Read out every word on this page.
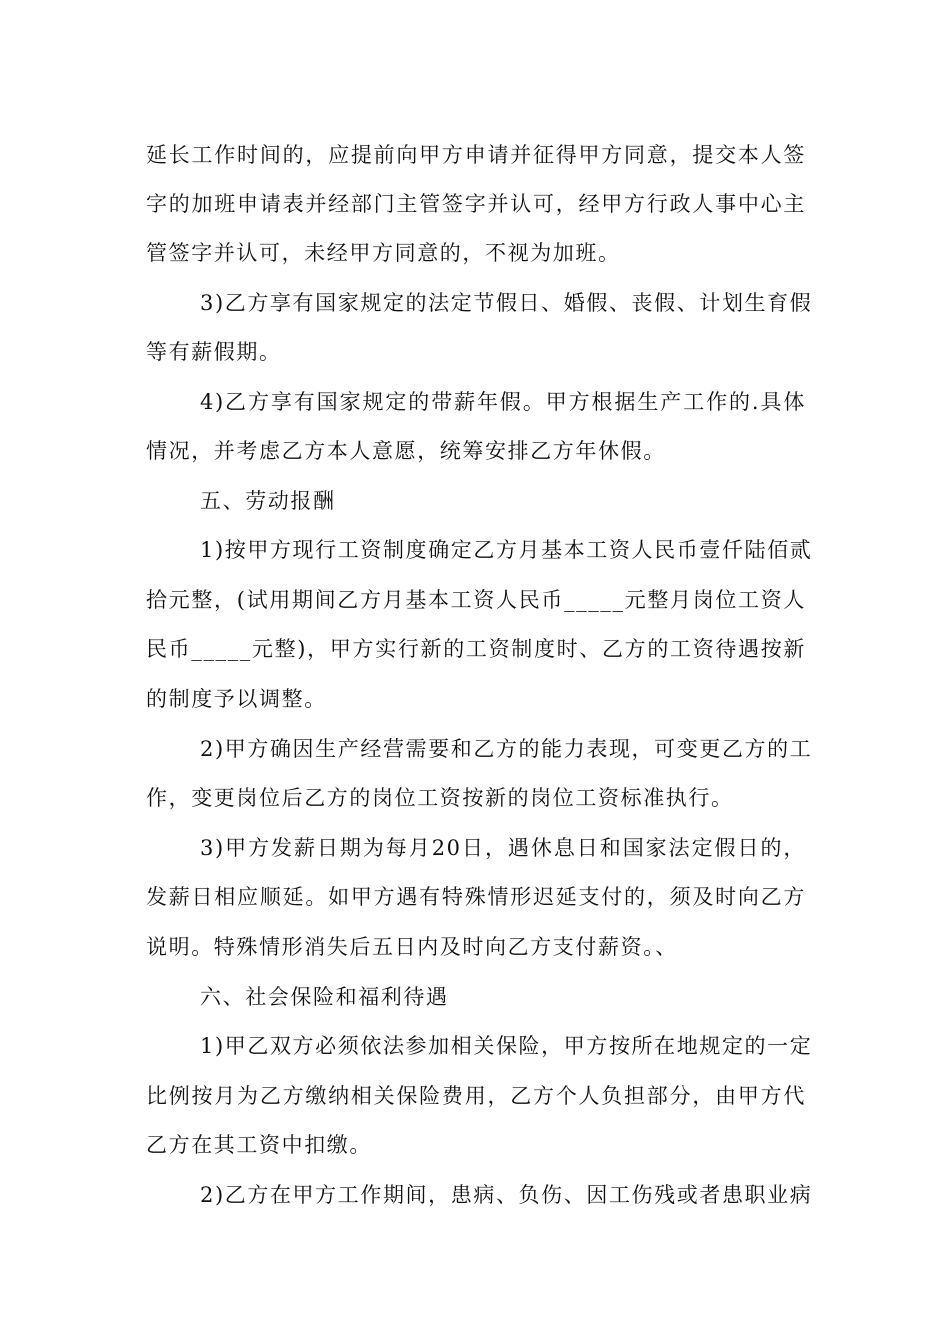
延长工作时间的，应提前向甲方申请并征得甲方同意，提交本人签
字的加班申请表并经部门主管签字并认可，经甲方行政人事中心主
管签字并认可，未经甲方同意的，不视为加班。
3)乙方享有国家规定的法定节假日、婚假、丧假、计划生育假
等有薪假期。
4)乙方享有国家规定的带薪年假。甲方根据生产工作的.具体
情况，并考虑乙方本人意愿，统筹安排乙方年休假。
五、劳动报酬
1)按甲方现行工资制度确定乙方月基本工资人民币壹仟陆佰贰
拾元整，(试用期间乙方月基本工资人民币_____元整月岗位工资人
民币_____元整)，甲方实行新的工资制度时、乙方的工资待遇按新
的制度予以调整。
2)甲方确因生产经营需要和乙方的能力表现，可变更乙方的工
作，变更岗位后乙方的岗位工资按新的岗位工资标准执行。
3)甲方发薪日期为每月20日，遇休息日和国家法定假日的，
发薪日相应顺延。如甲方遇有特殊情形迟延支付的，须及时向乙方
说明。特殊情形消失后五日内及时向乙方支付薪资。、
六、社会保险和福利待遇
1)甲乙双方必须依法参加相关保险，甲方按所在地规定的一定
比例按月为乙方缴纳相关保险费用，乙方个人负担部分，由甲方代
乙方在其工资中扣缴。
2)乙方在甲方工作期间，患病、负伤、因工伤残或者患职业病
